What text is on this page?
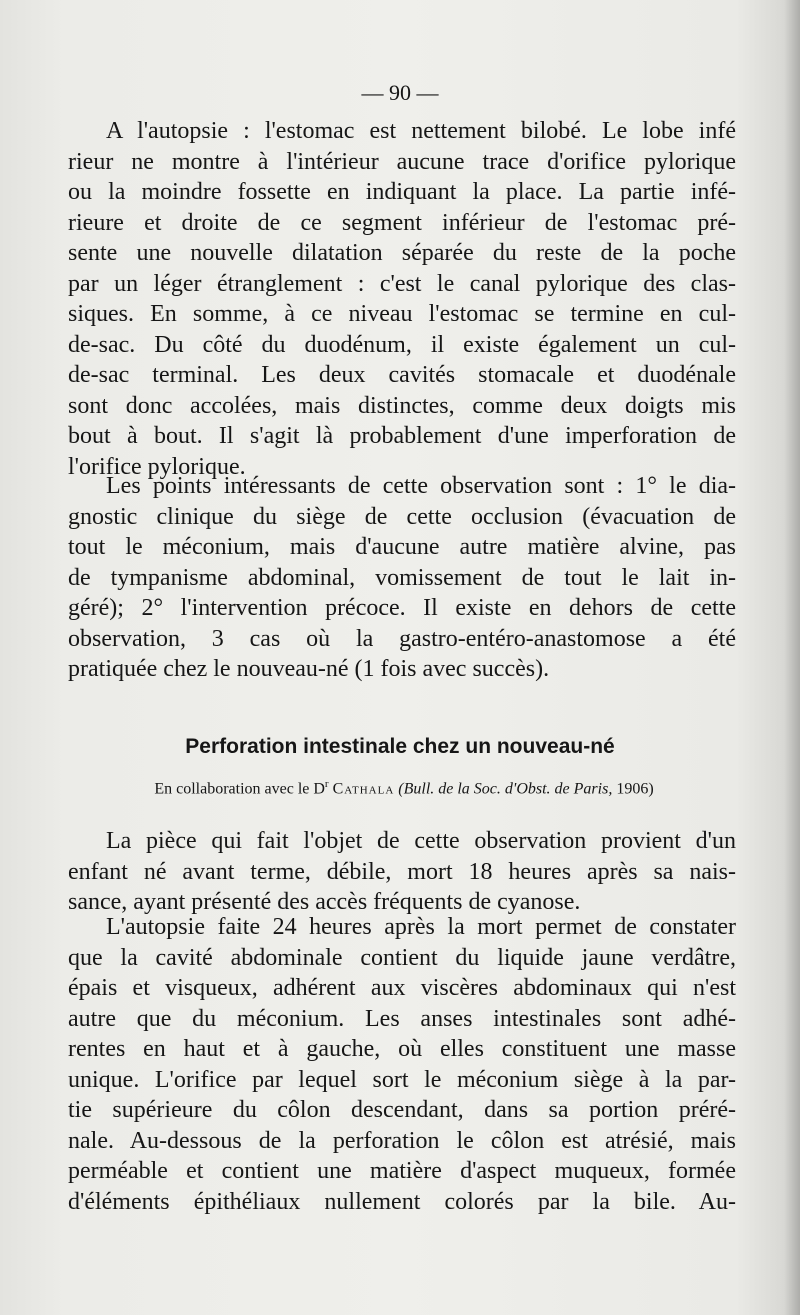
— 90 —
A l'autopsie : l'estomac est nettement bilobé. Le lobe infé
rieur ne montre à l'intérieur aucune trace d'orifice pylorique
ou la moindre fossette en indiquant la place. La partie infé-
rieure et droite de ce segment inférieur de l'estomac pré-
sente une nouvelle dilatation séparée du reste de la poche
par un léger étranglement : c'est le canal pylorique des clas-
siques. En somme, à ce niveau l'estomac se termine en cul-
de-sac. Du côté du duodénum, il existe également un cul-
de-sac terminal. Les deux cavités stomacale et duodénale
sont donc accolées, mais distinctes, comme deux doigts mis
bout à bout. Il s'agit là probablement d'une imperforation de
l'orifice pylorique.
Les points intéressants de cette observation sont : 1° le dia-
gnostic clinique du siège de cette occlusion (évacuation de
tout le méconium, mais d'aucune autre matière alvine, pas
de tympanisme abdominal, vomissement de tout le lait in-
géré); 2° l'intervention précoce. Il existe en dehors de cette
observation, 3 cas où la gastro-entéro-anastomose a été
pratiquée chez le nouveau-né (1 fois avec succès).
Perforation intestinale chez un nouveau-né
En collaboration avec le $D^r$ Cathala (Bull. de la Soc. d'Obst. de Paris, 1906)
La pièce qui fait l'objet de cette observation provient d'un
enfant né avant terme, débile, mort 18 heures après sa nais-
sance, ayant présenté des accès fréquents de cyanose.
L'autopsie faite 24 heures après la mort permet de constater
que la cavité abdominale contient du liquide jaune verdâtre,
épais et visqueux, adhérent aux viscères abdominaux qui n'est
autre que du méconium. Les anses intestinales sont adhé-
rentes en haut et à gauche, où elles constituent une masse
unique. L'orifice par lequel sort le méconium siège à la par-
tie supérieure du côlon descendant, dans sa portion préré-
nale. Au-dessous de la perforation le côlon est atrésié, mais
perméable et contient une matière d'aspect muqueux, formée
d'éléments épithéliaux nullement colorés par la bile. Au-
